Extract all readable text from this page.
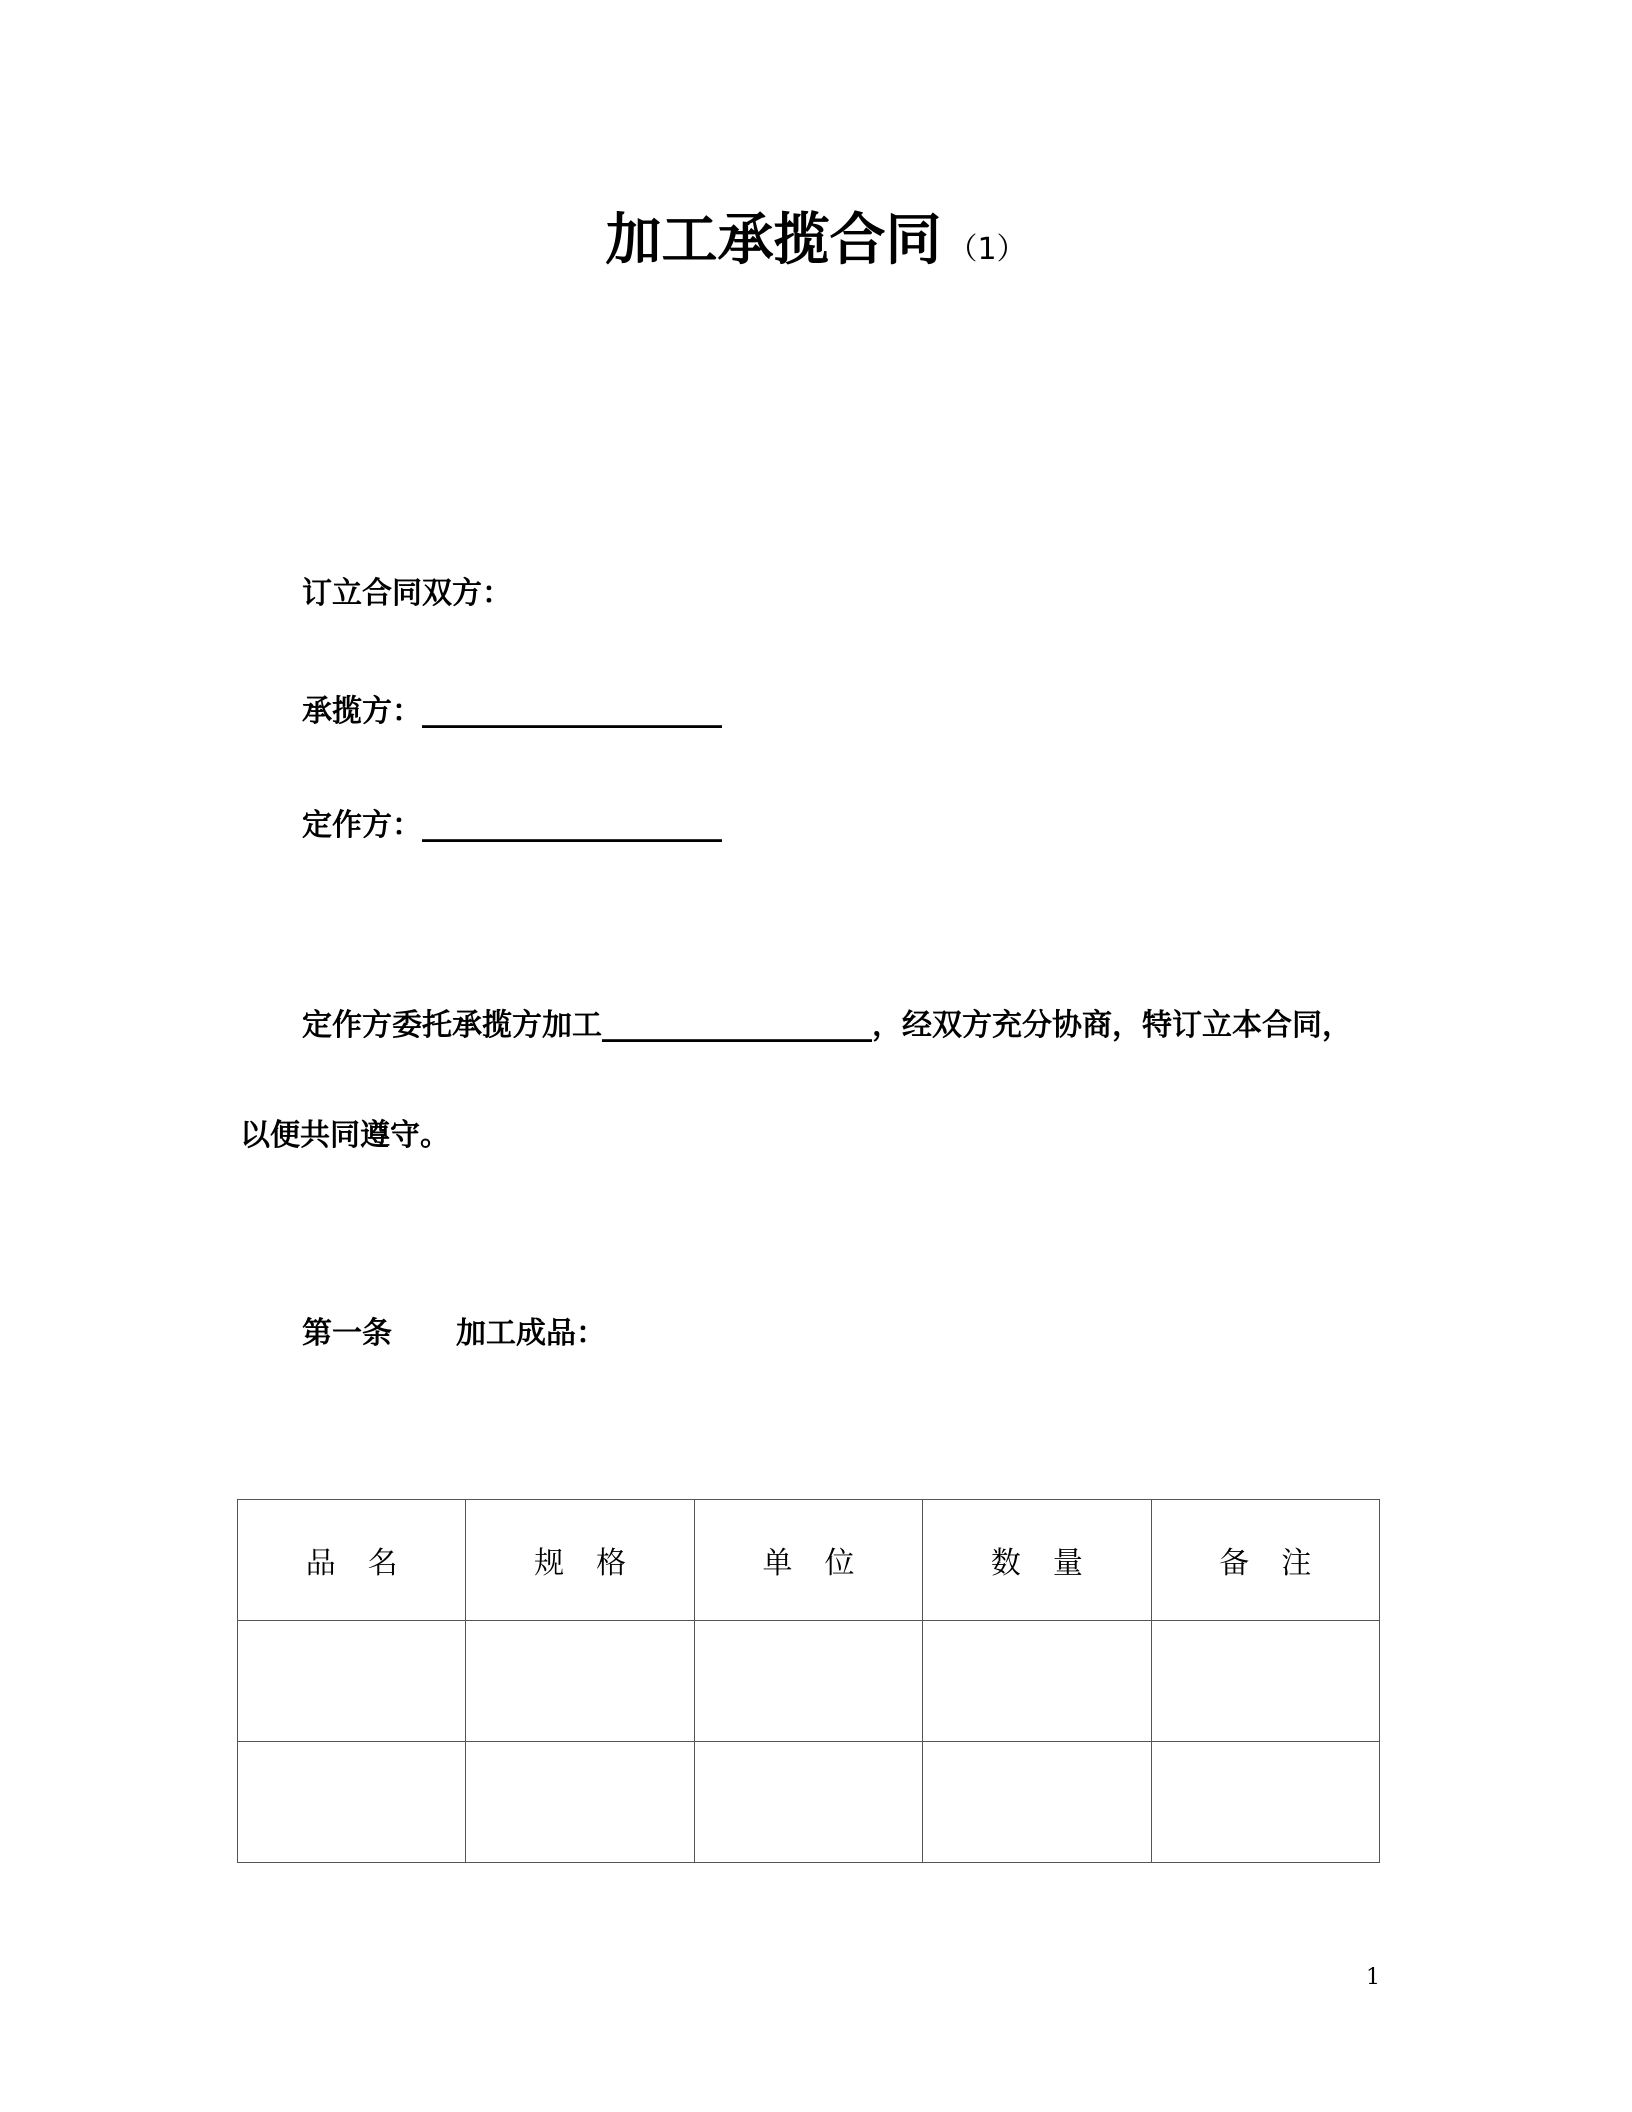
加工承揽合同 （1）
订立合同双方：
承揽方：____________________
定作方：____________________
定作方委托承揽方加工__________________，经双方充分协商，特订立本合同，
以便共同遵守。
第一条 加工成品：
品名	规格	单位	数量	备注

1
